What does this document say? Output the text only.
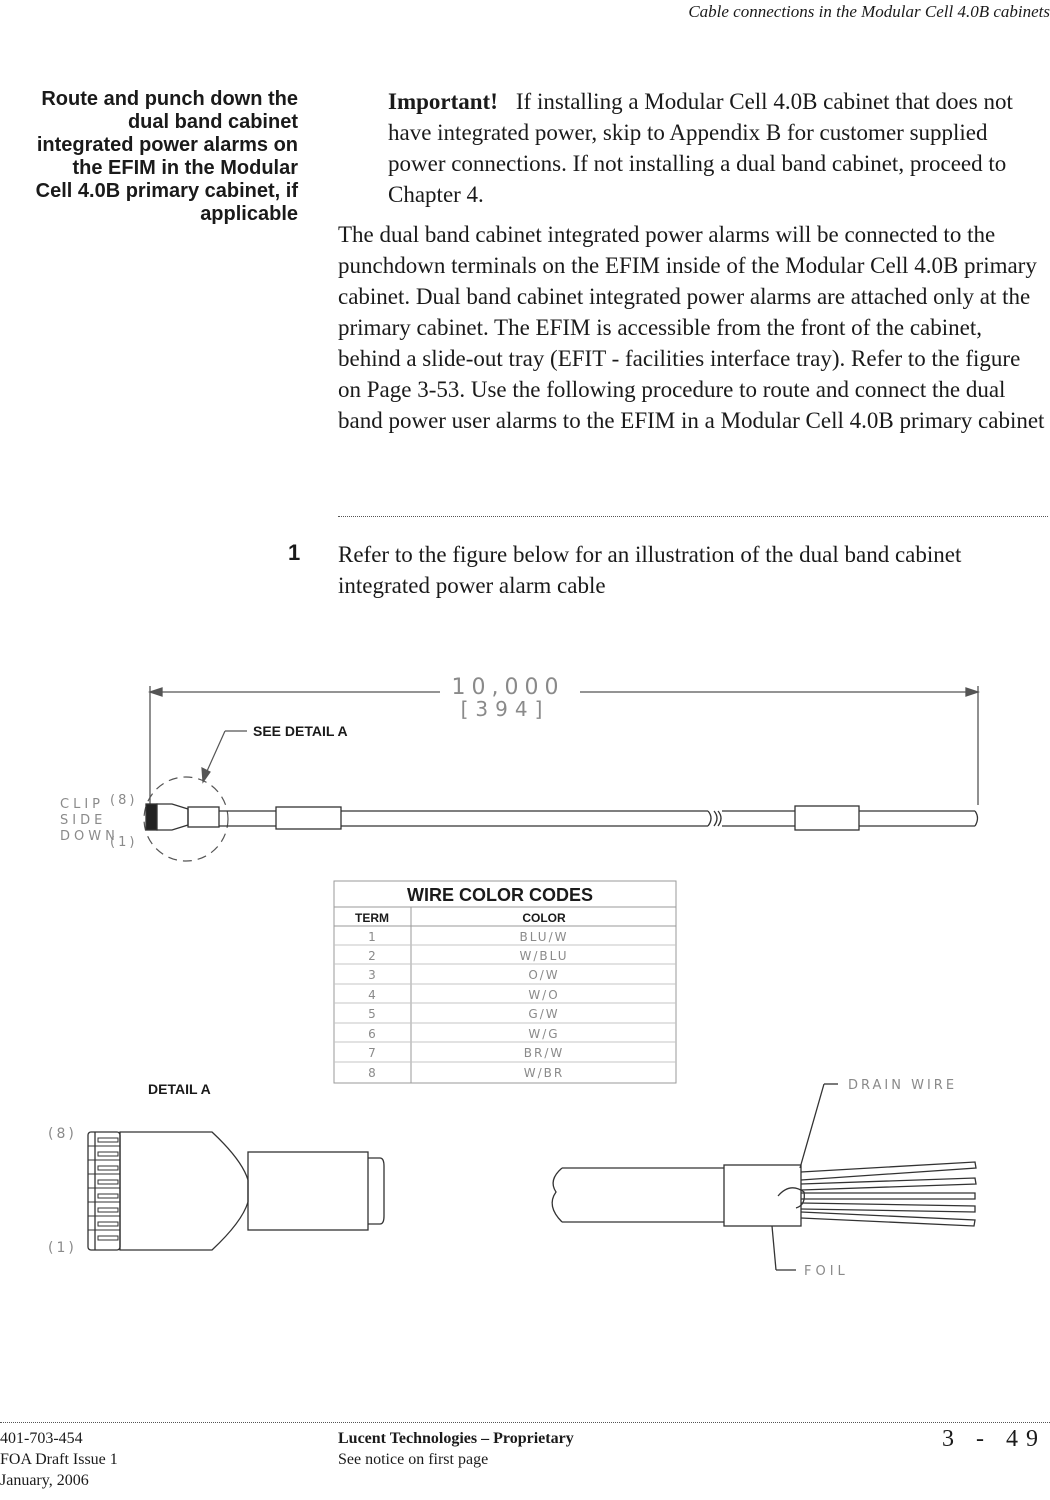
Cable connections in the Modular Cell 4.0B cabinets
Route and punch down the
dual band cabinet
integrated power alarms on
the EFIM in the Modular
Cell 4.0B primary cabinet, if
applicable
Important! If installing a Modular Cell 4.0B cabinet that does not have integrated power, skip to Appendix B for customer supplied power connections. If not installing a dual band cabinet, proceed to Chapter 4.
The dual band cabinet integrated power alarms will be connected to the punchdown terminals on the EFIM inside of the Modular Cell 4.0B primary cabinet. Dual band cabinet integrated power alarms are attached only at the primary cabinet. The EFIM is accessible from the front of the cabinet, behind a slide-out tray (EFIT - facilities interface tray). Refer to the figure on Page 3-53. Use the following procedure to route and connect the dual band power user alarms to the EFIM in a Modular Cell 4.0B primary cabinet
1	Refer to the figure below for an illustration of the dual band cabinet integrated power alarm cable
10,000
[394]
SEE DETAIL A
(8)
(1)
CLIP
SIDE
DOWN
WIRE COLOR CODES
TERM	COLOR
1	BLU/W
2	W/BLU
3	O/W
4	W/O
5	G/W
6	W/G
7	BR/W
8	W/BR
DETAIL A
(8)
(1)
DRAIN WIRE
FOIL
401-703-454
FOA Draft Issue 1
January, 2006
Lucent Technologies – Proprietary
See notice on first page
3 - 49
